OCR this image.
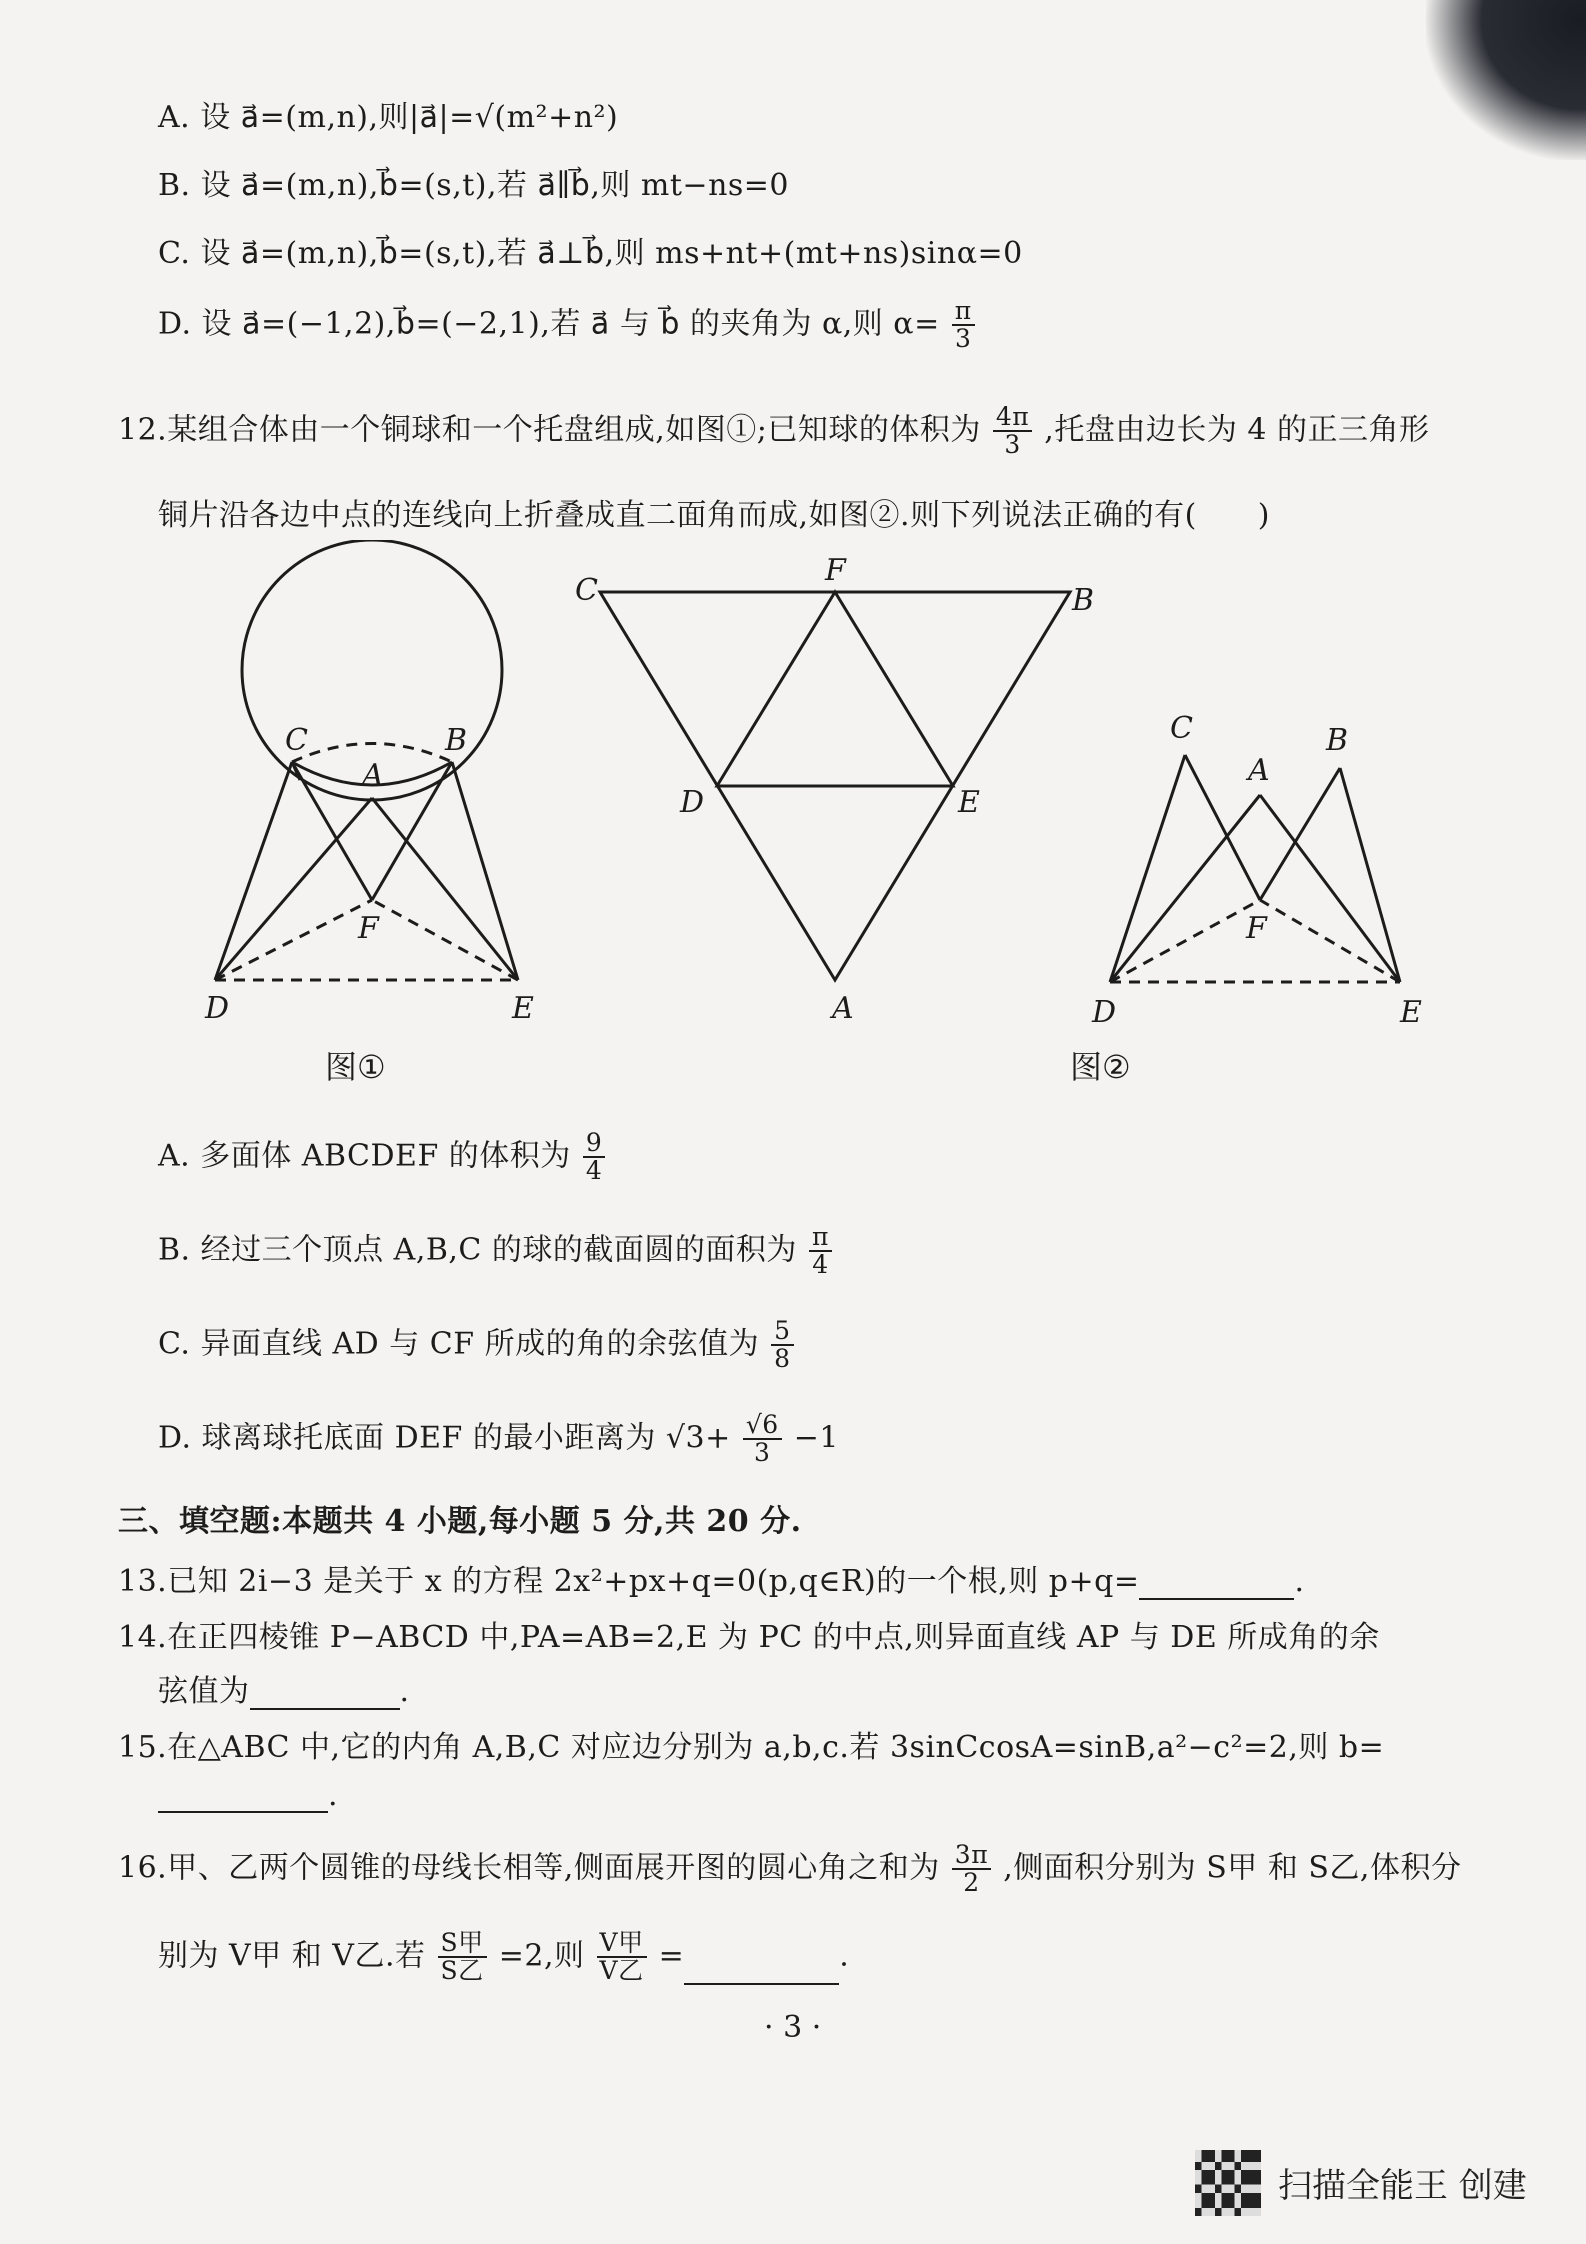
A. 设 a⃗=(m,n),则|a⃗|=√(m²+n²)
B. 设 a⃗=(m,n),b⃗=(s,t),若 a⃗∥b⃗,则 mt−ns=0
C. 设 a⃗=(m,n),b⃗=(s,t),若 a⃗⊥b⃗,则 ms+nt+(mt+ns)sinα=0
D. 设 a⃗=(−1,2),b⃗=(−2,1),若 a⃗ 与 b⃗ 的夹角为 α,则 $\alpha= \frac{\pi}{3}$
12.某组合体由一个铜球和一个托盘组成,如图①;已知球的体积为 $\frac{4\pi}{3}$ ,托盘由边长为 4 的正三角形
铜片沿各边中点的连线向上折叠成直二面角而成,如图②.则下列说法正确的有(　　)
C	B
A
F
D	E
C
F
B
D	E
A
C
A
B
F
D	E
图①	图②
A. 多面体 ABCDEF 的体积为 $\frac{9}{4}$
B. 经过三个顶点 A,B,C 的球的截面圆的面积为 $\frac{\pi}{4}$
C. 异面直线 AD 与 CF 所成的角的余弦值为 $\frac{5}{8}$
D. 球离球托底面 DEF 的最小距离为 $√3+ \frac{√6}{3} -1$
三、填空题:本题共 4 小题,每小题 5 分,共 20 分.
13.已知 2i−3 是关于 x 的方程 2x²+px+q=0(p,q∈R)的一个根,则 p+q=	.
14.在正四棱锥 P−ABCD 中,PA=AB=2,E 为 PC 的中点,则异面直线 AP 与 DE 所成角的余
弦值为	.
15.在△ABC 中,它的内角 A,B,C 对应边分别为 a,b,c.若 3sinCcosA=sinB,a²−c²=2,则 b=
.
16.甲、乙两个圆锥的母线长相等,侧面展开图的圆心角之和为 $\frac{3\pi}{2}$ ,侧面积分别为 S甲 和 S乙,体积分
别为 V甲 和 V乙.若 $\frac{\text{S甲}}{\text{S乙}} =2$,则 $\frac{\text{V甲}}{\text{V乙}}$ =	.
· 3 ·
扫描全能王 创建
